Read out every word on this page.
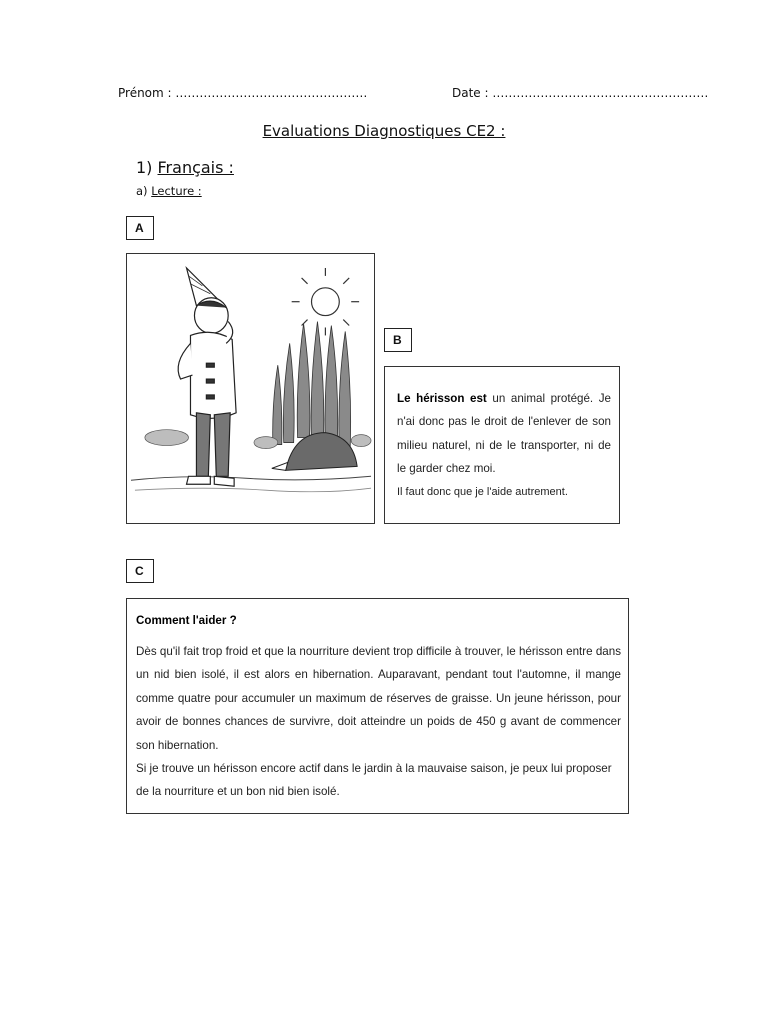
Prénom : …………………………………………	Date : ………………………………………………
Evaluations Diagnostiques CE2 :
1) Français :
a) Lecture :
A
B
Le hérisson est un animal protégé. Je n'ai donc pas le droit de l'enlever de son milieu naturel, ni de le transporter, ni de le garder chez moi.
Il faut donc que je l'aide autrement.
C
Comment l'aider ?
Dès qu'il fait trop froid et que la nourriture devient trop difficile à trouver, le hérisson entre dans un nid bien isolé, il est alors en hibernation. Auparavant, pendant tout l'automne, il mange comme quatre pour accumuler un maximum de réserves de graisse. Un jeune hérisson, pour avoir de bonnes chances de survivre, doit atteindre un poids de 450 g avant de commencer son hibernation.
Si je trouve un hérisson encore actif dans le jardin à la mauvaise saison, je peux lui proposer de la nourriture et un bon nid bien isolé.
